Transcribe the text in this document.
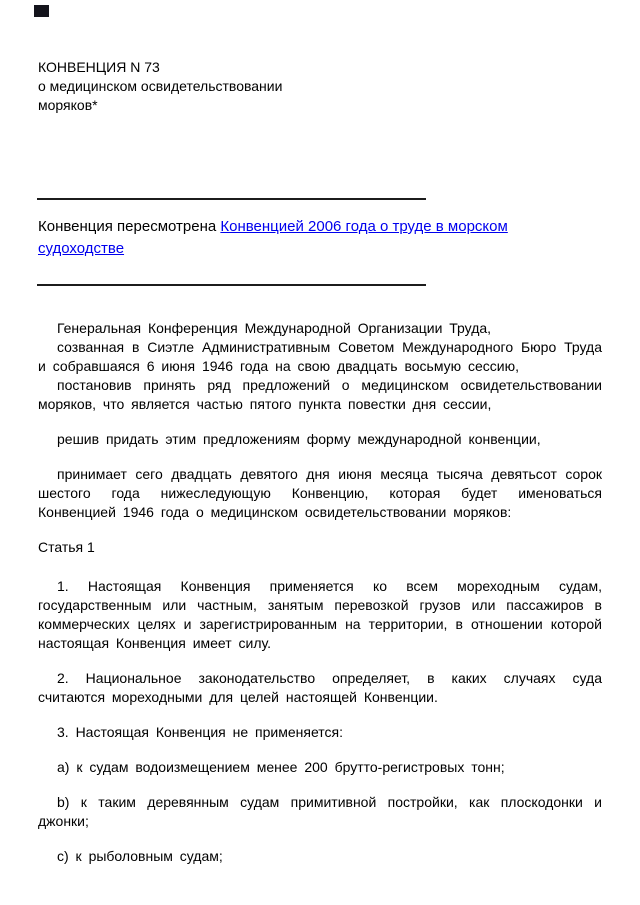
КОНВЕНЦИЯ N 73
о медицинском освидетельствовании
моряков*

Конвенция пересмотрена Конвенцией 2006 года о труде в морском судоходстве

Генеральная Конференция Международной Организации Труда,

созванная в Сиэтле Административным Советом Международного Бюро Труда и собравшаяся 6 июня 1946 года на свою двадцать восьмую сессию,

постановив принять ряд предложений о медицинском освидетельствовании моряков, что является частью пятого пункта повестки дня сессии,

решив придать этим предложениям форму международной конвенции,

принимает сего двадцать девятого дня июня месяца тысяча девятьсот сорок шестого года нижеследующую Конвенцию, которая будет именоваться Конвенцией 1946 года о медицинском освидетельствовании моряков:

Статья 1

1. Настоящая Конвенция применяется ко всем мореходным судам, государственным или частным, занятым перевозкой грузов или пассажиров в коммерческих целях и зарегистрированным на территории, в отношении которой настоящая Конвенция имеет силу.

2. Национальное законодательство определяет, в каких случаях суда считаются мореходными для целей настоящей Конвенции.

3. Настоящая Конвенция не применяется:

a) к судам водоизмещением менее 200 брутто-регистровых тонн;

b) к таким деревянным судам примитивной постройки, как плоскодонки и джонки;

c) к рыболовным судам;
